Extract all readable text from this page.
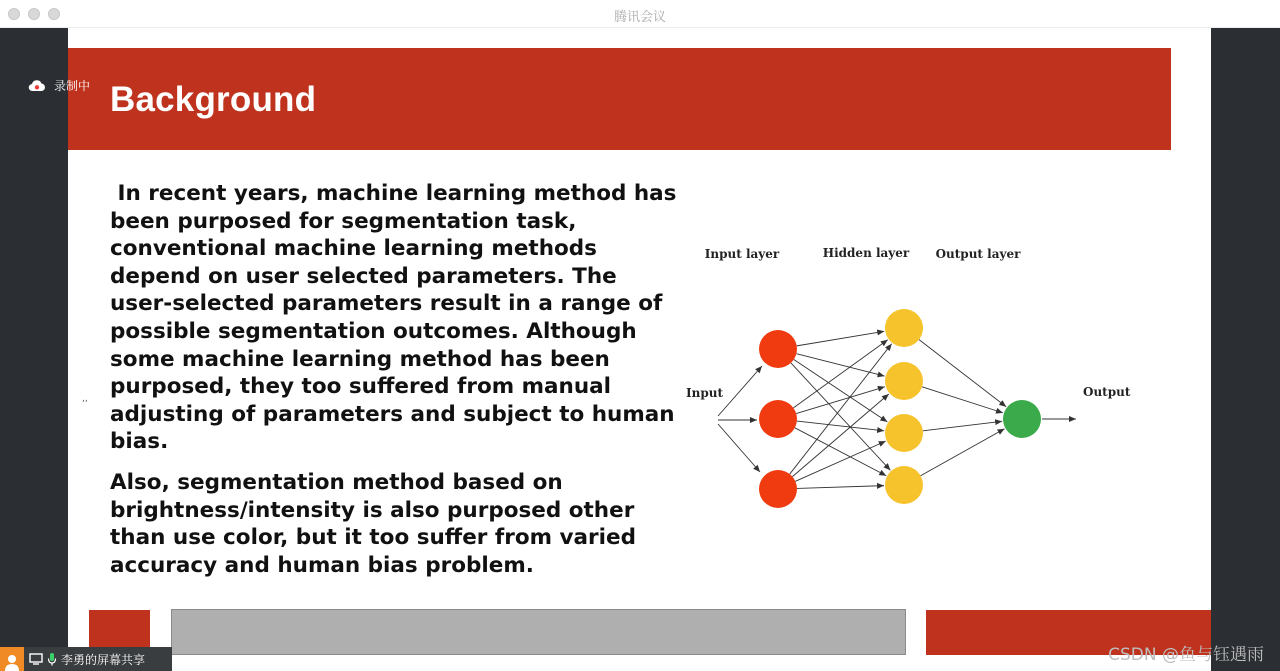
腾讯会议
Background
,,

In recent years, machine learning method has been purposed for segmentation task, conventional machine learning methods depend on user selected parameters. The user-selected parameters result in a range of possible segmentation outcomes. Although some machine learning method has been purposed, they too suffered from manual adjusting of parameters and subject to human bias.

Also, segmentation method based on brightness/intensity is also purposed other than use color, but it too suffer from varied accuracy and human bias problem.

Input layer	Hidden layer Output layer
Input	Output
录制中
李勇的屏幕共享	CSDN @鱼与钰遇雨
